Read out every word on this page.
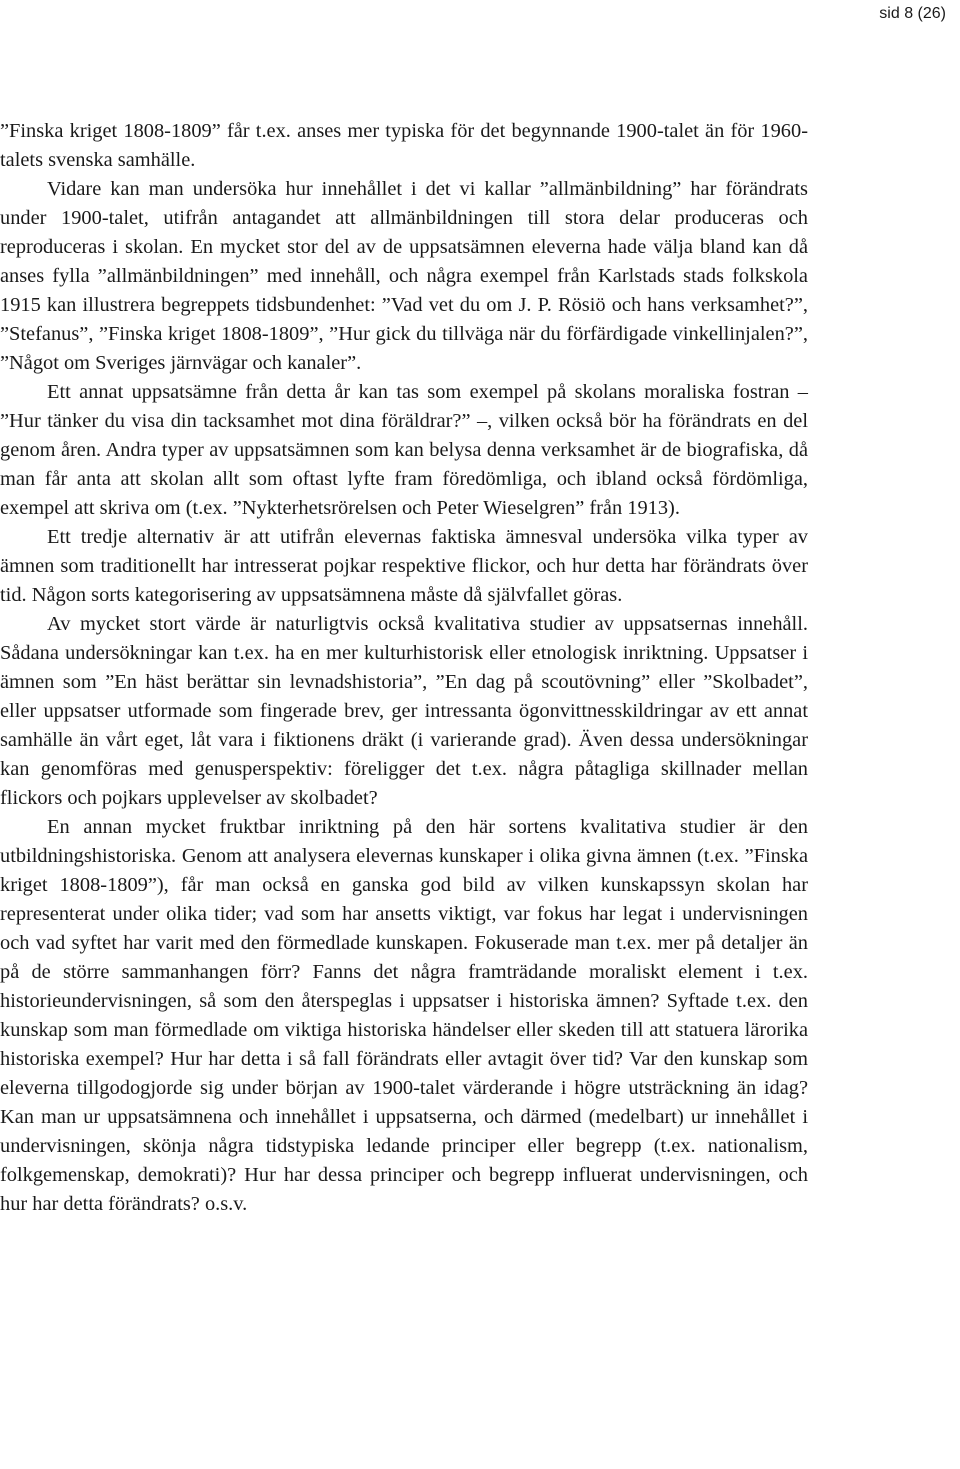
sid 8 (26)

”Finska kriget 1808-1809” får t.ex. anses mer typiska för det begynnande 1900-talet än för 1960-talets svenska samhälle.

Vidare kan man undersöka hur innehållet i det vi kallar ”allmänbildning” har förändrats under 1900-talet, utifrån antagandet att allmänbildningen till stora delar produceras och reproduceras i skolan. En mycket stor del av de uppsatsämnen eleverna hade välja bland kan då anses fylla ”allmänbildningen” med innehåll, och några exempel från Karlstads stads folkskola 1915 kan illustrera begreppets tidsbundenhet: ”Vad vet du om J. P. Rösiö och hans verksamhet?”, ”Stefanus”, ”Finska kriget 1808-1809”, ”Hur gick du tillväga när du förfärdigade vinkellinjalen?”, ”Något om Sveriges järnvägar och kanaler”.

Ett annat uppsatsämne från detta år kan tas som exempel på skolans moraliska fostran – ”Hur tänker du visa din tacksamhet mot dina föräldrar?” –, vilken också bör ha förändrats en del genom åren. Andra typer av uppsatsämnen som kan belysa denna verksamhet är de biografiska, då man får anta att skolan allt som oftast lyfte fram föredömliga, och ibland också fördömliga, exempel att skriva om (t.ex. ”Nykterhetsrörelsen och Peter Wieselgren” från 1913).

Ett tredje alternativ är att utifrån elevernas faktiska ämnesval undersöka vilka typer av ämnen som traditionellt har intresserat pojkar respektive flickor, och hur detta har förändrats över tid. Någon sorts kategorisering av uppsatsämnena måste då självfallet göras.

Av mycket stort värde är naturligtvis också kvalitativa studier av uppsatsernas innehåll. Sådana undersökningar kan t.ex. ha en mer kulturhistorisk eller etnologisk inriktning. Uppsatser i ämnen som ”En häst berättar sin levnadshistoria”, ”En dag på scoutövning” eller ”Skolbadet”, eller uppsatser utformade som fingerade brev, ger intressanta ögonvittnesskildringar av ett annat samhälle än vårt eget, låt vara i fiktionens dräkt (i varierande grad). Även dessa undersökningar kan genomföras med genusperspektiv: föreligger det t.ex. några påtagliga skillnader mellan flickors och pojkars upplevelser av skolbadet?

En annan mycket fruktbar inriktning på den här sortens kvalitativa studier är den utbildningshistoriska. Genom att analysera elevernas kunskaper i olika givna ämnen (t.ex. ”Finska kriget 1808-1809”), får man också en ganska god bild av vilken kunskapssyn skolan har representerat under olika tider; vad som har ansetts viktigt, var fokus har legat i undervisningen och vad syftet har varit med den förmedlade kunskapen. Fokuserade man t.ex. mer på detaljer än på de större sammanhangen förr? Fanns det några framträdande moraliskt element i t.ex. historieundervisningen, så som den återspeglas i uppsatser i historiska ämnen? Syftade t.ex. den kunskap som man förmedlade om viktiga historiska händelser eller skeden till att statuera lärorika historiska exempel? Hur har detta i så fall förändrats eller avtagit över tid? Var den kunskap som eleverna tillgodogjorde sig under början av 1900-talet värderande i högre utsträckning än idag? Kan man ur uppsatsämnena och innehållet i uppsatserna, och därmed (medelbart) ur innehållet i undervisningen, skönja några tidstypiska ledande principer eller begrepp (t.ex. nationalism, folkgemenskap, demokrati)? Hur har dessa principer och begrepp influerat undervisningen, och hur har detta förändrats? o.s.v.
